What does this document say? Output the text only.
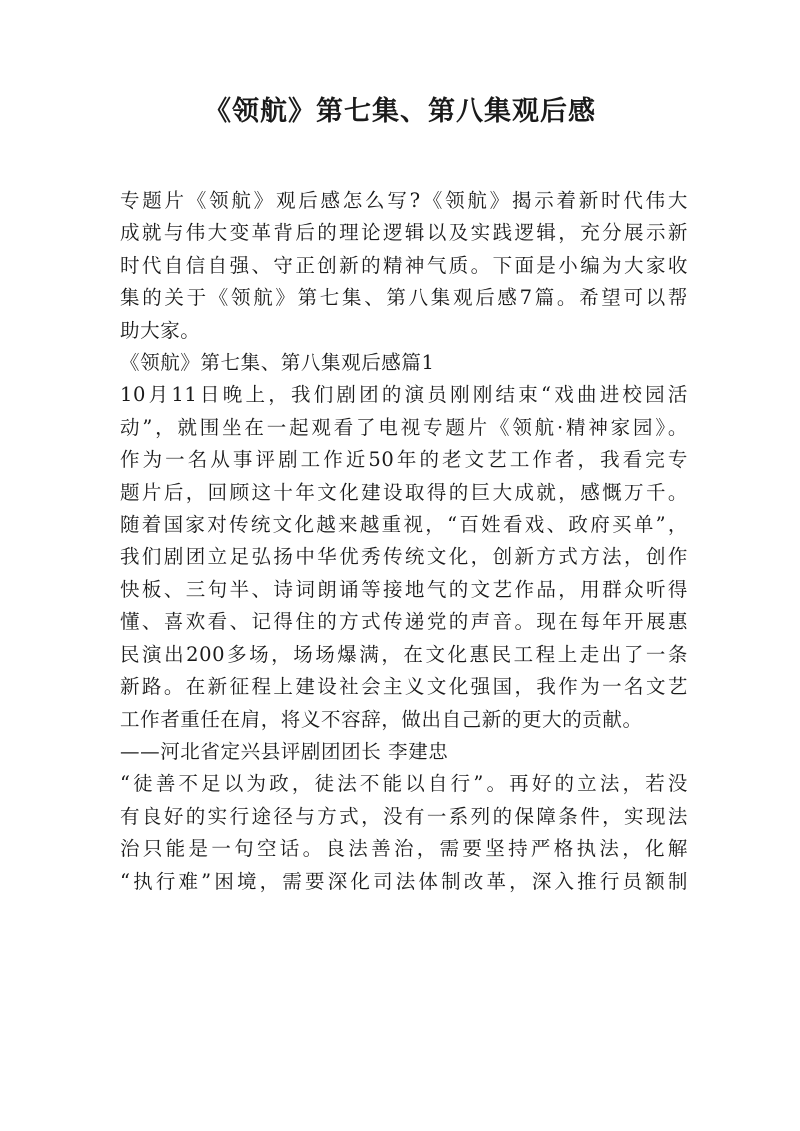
《领航》第七集、第八集观后感

专题片《领航》观后感怎么写?《领航》揭示着新时代伟大
成就与伟大变革背后的理论逻辑以及实践逻辑，充分展示新
时代自信自强、守正创新的精神气质。下面是小编为大家收
集的关于《领航》第七集、第八集观后感7篇。希望可以帮
助大家。

《领航》第七集、第八集观后感篇1

10月11日晚上，我们剧团的演员刚刚结束“戏曲进校园活
动”，就围坐在一起观看了电视专题片《领航·精神家园》。
作为一名从事评剧工作近50年的老文艺工作者，我看完专
题片后，回顾这十年文化建设取得的巨大成就，感慨万千。
随着国家对传统文化越来越重视，“百姓看戏、政府买单”，
我们剧团立足弘扬中华优秀传统文化，创新方式方法，创作
快板、三句半、诗词朗诵等接地气的文艺作品，用群众听得
懂、喜欢看、记得住的方式传递党的声音。现在每年开展惠
民演出200多场，场场爆满，在文化惠民工程上走出了一条
新路。在新征程上建设社会主义文化强国，我作为一名文艺
工作者重任在肩，将义不容辞，做出自己新的更大的贡献。

——河北省定兴县评剧团团长 李建忠

“徒善不足以为政，徒法不能以自行”。再好的立法，若没
有良好的实行途径与方式，没有一系列的保障条件，实现法
治只能是一句空话。良法善治，需要坚持严格执法，化解
“执行难”困境，需要深化司法体制改革，深入推行员额制
